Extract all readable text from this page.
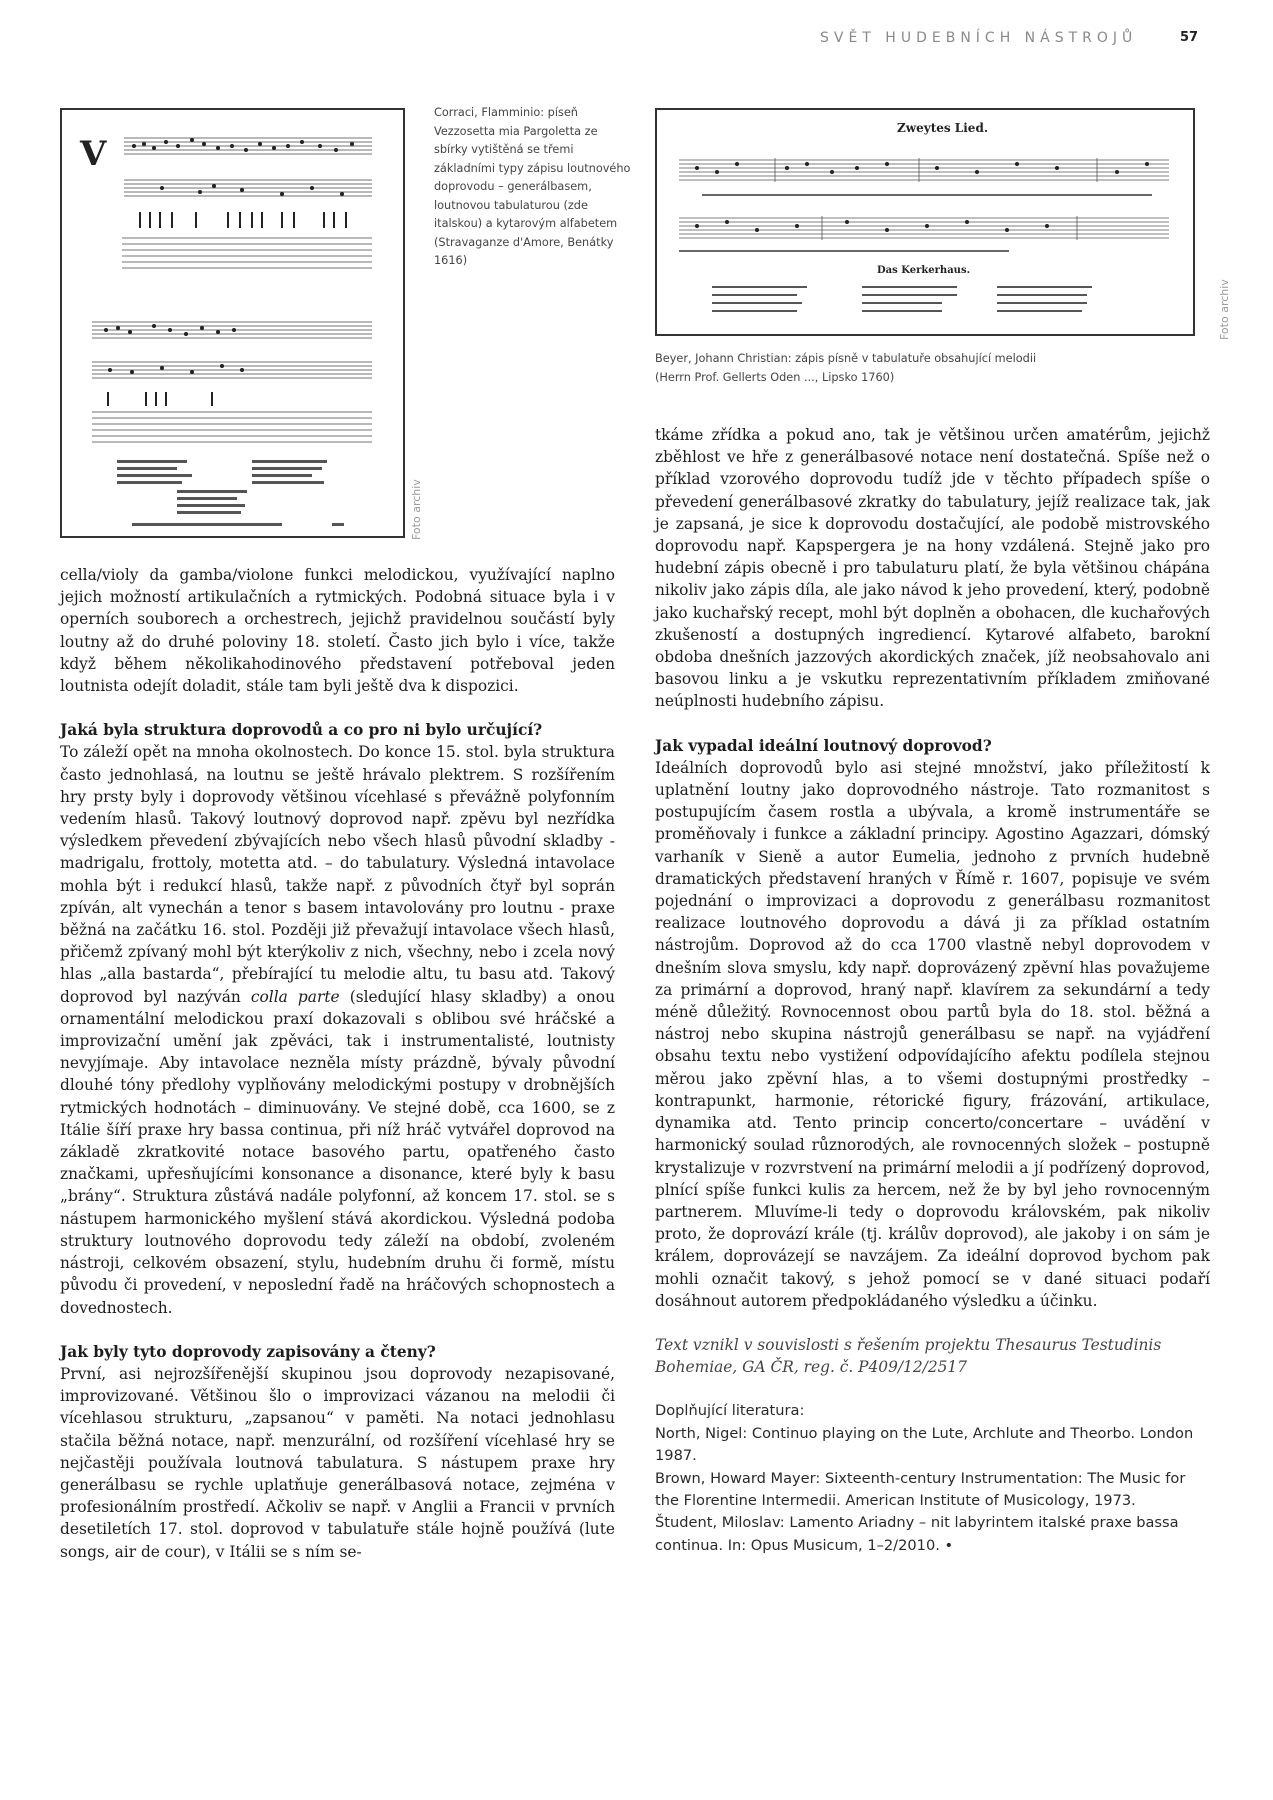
SVĚT HUDEBNÍCH NÁSTROJŮ	57
V
Foto archiv
Corraci, Flamminio: píseň Vezzosetta mia Pargoletta ze sbírky vytištěná se třemi základními typy zápisu loutnového doprovodu – generálbasem, loutnovou tabulaturou (zde italskou) a kytarovým alfabetem (Stravaganze d'Amore, Benátky 1616)
Zweytes Lied.
Das Kerkerhaus.
Foto archiv
Beyer, Johann Christian: zápis písně v tabulatuře obsahující melodii
(Herrn Prof. Gellerts Oden ..., Lipsko 1760)

cella/violy da gamba/violone funkci melodickou, využívající naplno jejich možností artikulačních a rytmických. Podobná situace byla i v operních souborech a orchestrech, jejichž pravidelnou součástí byly loutny až do druhé poloviny 18. století. Často jich bylo i více, takže když během několikahodinového představení potřeboval jeden loutnista odejít doladit, stále tam byli ještě dva k dispozici.

Jaká byla struktura doprovodů a co pro ni bylo určující?

To záleží opět na mnoha okolnostech. Do konce 15. stol. byla struktura často jednohlasá, na loutnu se ještě hrávalo plektrem. S rozšířením hry prsty byly i doprovody většinou vícehlasé s převážně polyfonním vedením hlasů. Takový loutnový doprovod např. zpěvu byl nezřídka výsledkem převedení zbývajících nebo všech hlasů původní skladby - madrigalu, frottoly, motetta atd. – do tabulatury. Výsledná intavolace mohla být i redukcí hlasů, takže např. z původních čtyř byl soprán zpíván, alt vynechán a tenor s basem intavolovány pro loutnu - praxe běžná na začátku 16. stol. Později již převažují intavolace všech hlasů, přičemž zpívaný mohl být kterýkoliv z nich, všechny, nebo i zcela nový hlas „alla bastarda“, přebírající tu melodie altu, tu basu atd. Takový doprovod byl nazýván colla parte (sledující hlasy skladby) a onou ornamentální melodickou praxí dokazovali s oblibou své hráčské a improvizační umění jak zpěváci, tak i instrumentalisté, loutnisty nevyjímaje. Aby intavolace nezněla místy prázdně, bývaly původní dlouhé tóny předlohy vyplňovány melodickými postupy v drobnějších rytmických hodnotách – diminuovány. Ve stejné době, cca 1600, se z Itálie šíří praxe hry bassa continua, při níž hráč vytvářel doprovod na základě zkratkovité notace basového partu, opatřeného často značkami, upřesňujícími konsonance a disonance, které byly k basu „brány“. Struktura zůstává nadále polyfonní, až koncem 17. stol. se s nástupem harmonického myšlení stává akordickou. Výsledná podoba struktury loutnového doprovodu tedy záleží na období, zvoleném nástroji, celkovém obsazení, stylu, hudebním druhu či formě, místu původu či provedení, v neposlední řadě na hráčových schopnostech a dovednostech.

Jak byly tyto doprovody zapisovány a čteny?

První, asi nejrozšířenější skupinou jsou doprovody nezapisované, improvizované. Většinou šlo o improvizaci vázanou na melodii či vícehlasou strukturu, „zapsanou“ v paměti. Na notaci jednohlasu stačila běžná notace, např. menzurální, od rozšíření vícehlasé hry se nejčastěji používala loutnová tabulatura. S nástupem praxe hry generálbasu se rychle uplatňuje generálbasová notace, zejména v profesionálním prostředí. Ačkoliv se např. v Anglii a Francii v prvních desetiletích 17. stol. doprovod v tabulatuře stále hojně používá (lute songs, air de cour), v Itálii se s ním se-

tkáme zřídka a pokud ano, tak je většinou určen amatérům, jejichž zběhlost ve hře z generálbasové notace není dostatečná. Spíše než o příklad vzorového doprovodu tudíž jde v těchto případech spíše o převedení generálbasové zkratky do tabulatury, jejíž realizace tak, jak je zapsaná, je sice k doprovodu dostačující, ale podobě mistrovského doprovodu např. Kapspergera je na hony vzdálená. Stejně jako pro hudební zápis obecně i pro tabulaturu platí, že byla většinou chápána nikoliv jako zápis díla, ale jako návod k jeho provedení, který, podobně jako kuchařský recept, mohl být doplněn a obohacen, dle kuchařových zkušeností a dostupných ingrediencí. Kytarové alfabeto, barokní obdoba dnešních jazzových akordických značek, jíž neobsahovalo ani basovou linku a je vskutku reprezentativním příkladem zmiňované neúplnosti hudebního zápisu.

Jak vypadal ideální loutnový doprovod?

Ideálních doprovodů bylo asi stejné množství, jako příležitostí k uplatnění loutny jako doprovodného nástroje. Tato rozmanitost s postupujícím časem rostla a ubývala, a kromě instrumentáře se proměňovaly i funkce a základní principy. Agostino Agazzari, dómský varhaník v Sieně a autor Eumelia, jednoho z prvních hudebně dramatických představení hraných v Římě r. 1607, popisuje ve svém pojednání o improvizaci a doprovodu z generálbasu rozmanitost realizace loutnového doprovodu a dává ji za příklad ostatním nástrojům. Doprovod až do cca 1700 vlastně nebyl doprovodem v dnešním slova smyslu, kdy např. doprovázený zpěvní hlas považujeme za primární a doprovod, hraný např. klavírem za sekundární a tedy méně důležitý. Rovnocennost obou partů byla do 18. stol. běžná a nástroj nebo skupina nástrojů generálbasu se např. na vyjádření obsahu textu nebo vystižení odpovídajícího afektu podílela stejnou měrou jako zpěvní hlas, a to všemi dostupnými prostředky – kontrapunkt, harmonie, rétorické figury, frázování, artikulace, dynamika atd. Tento princip concerto/concertare – uvádění v harmonický soulad různorodých, ale rovnocenných složek – postupně krystalizuje v rozvrstvení na primární melodii a jí podřízený doprovod, plnící spíše funkci kulis za hercem, než že by byl jeho rovnocenným partnerem. Mluvíme-li tedy o doprovodu královském, pak nikoliv proto, že doprovází krále (tj. králův doprovod), ale jakoby i on sám je králem, doprovázejí se navzájem. Za ideální doprovod bychom pak mohli označit takový, s jehož pomocí se v dané situaci podaří dosáhnout autorem předpokládaného výsledku a účinku.

Text vznikl v souvislosti s řešením projektu Thesaurus Testudinis
Bohemiae, GA ČR, reg. č. P409/12/2517

Doplňující literatura:

North, Nigel: Continuo playing on the Lute, Archlute and Theorbo. London 1987.

Brown, Howard Mayer: Sixteenth-century Instrumentation: The Music for the Florentine Intermedii. American Institute of Musicology, 1973.

Študent, Miloslav: Lamento Ariadny – nit labyrintem italské praxe bassa continua. In: Opus Musicum, 1–2/2010. •
